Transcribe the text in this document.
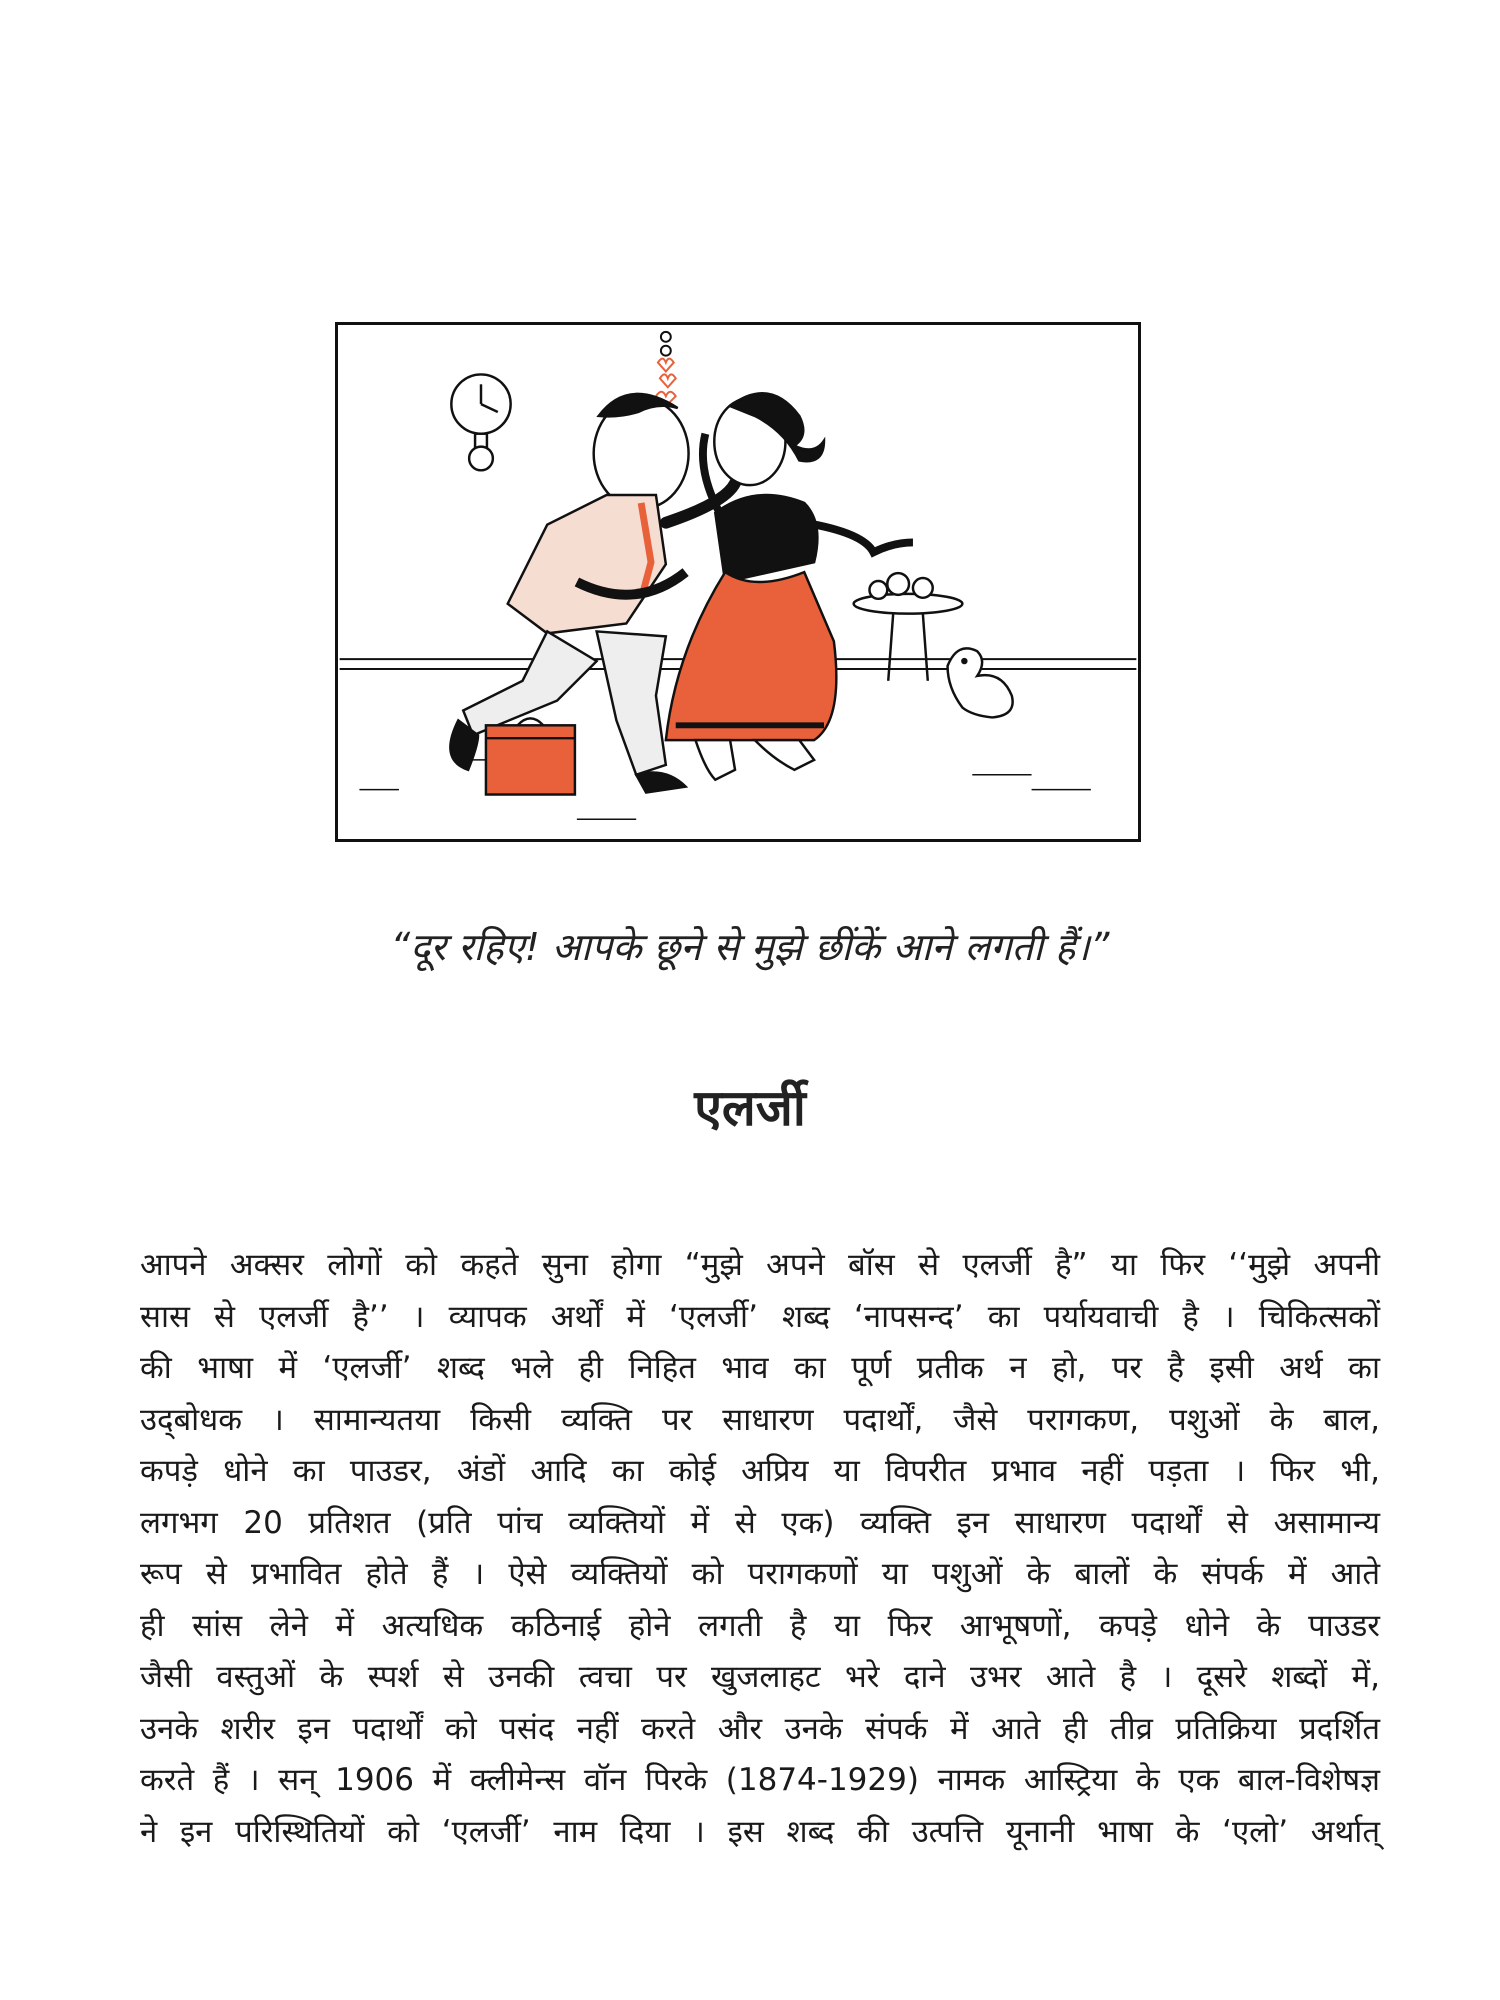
“दूर रहिए! आपके छूने से मुझे छींकें आने लगती हैं।”
एलर्जी
आपने अक्सर लोगों को कहते सुना होगा “मुझे अपने बॉस से एलर्जी है” या फिर ‘‘मुझे अपनी
सास से एलर्जी है’’ । व्यापक अर्थों में ‘एलर्जी’ शब्द ‘नापसन्द’ का पर्यायवाची है । चिकित्सकों
की भाषा में ‘एलर्जी’ शब्द भले ही निहित भाव का पूर्ण प्रतीक न हो, पर है इसी अर्थ का
उद्‌बोधक । सामान्यतया किसी व्यक्ति पर साधारण पदार्थों, जैसे परागकण, पशुओं के बाल,
कपड़े धोने का पाउडर, अंडों आदि का कोई अप्रिय या विपरीत प्रभाव नहीं पड़ता । फिर भी,
लगभग 20 प्रतिशत (प्रति पांच व्यक्तियों में से एक) व्यक्ति इन साधारण पदार्थों से असामान्य
रूप से प्रभावित होते हैं । ऐसे व्यक्तियों को परागकणों या पशुओं के बालों के संपर्क में आते
ही सांस लेने में अत्यधिक कठिनाई होने लगती है या फिर आभूषणों, कपड़े धोने के पाउडर
जैसी वस्तुओं के स्पर्श से उनकी त्वचा पर खुजलाहट भरे दाने उभर आते है । दूसरे शब्दों में,
उनके शरीर इन पदार्थों को पसंद नहीं करते और उनके संपर्क में आते ही तीव्र प्रतिक्रिया प्रदर्शित
करते हैं । सन् 1906 में क्लीमेन्स वॉन पिरके (1874-1929) नामक आस्ट्रिया के एक बाल-विशेषज्ञ
ने इन परिस्थितियों को ‘एलर्जी’ नाम दिया । इस शब्द की उत्पत्ति यूनानी भाषा के ‘एलो’ अर्थात्
